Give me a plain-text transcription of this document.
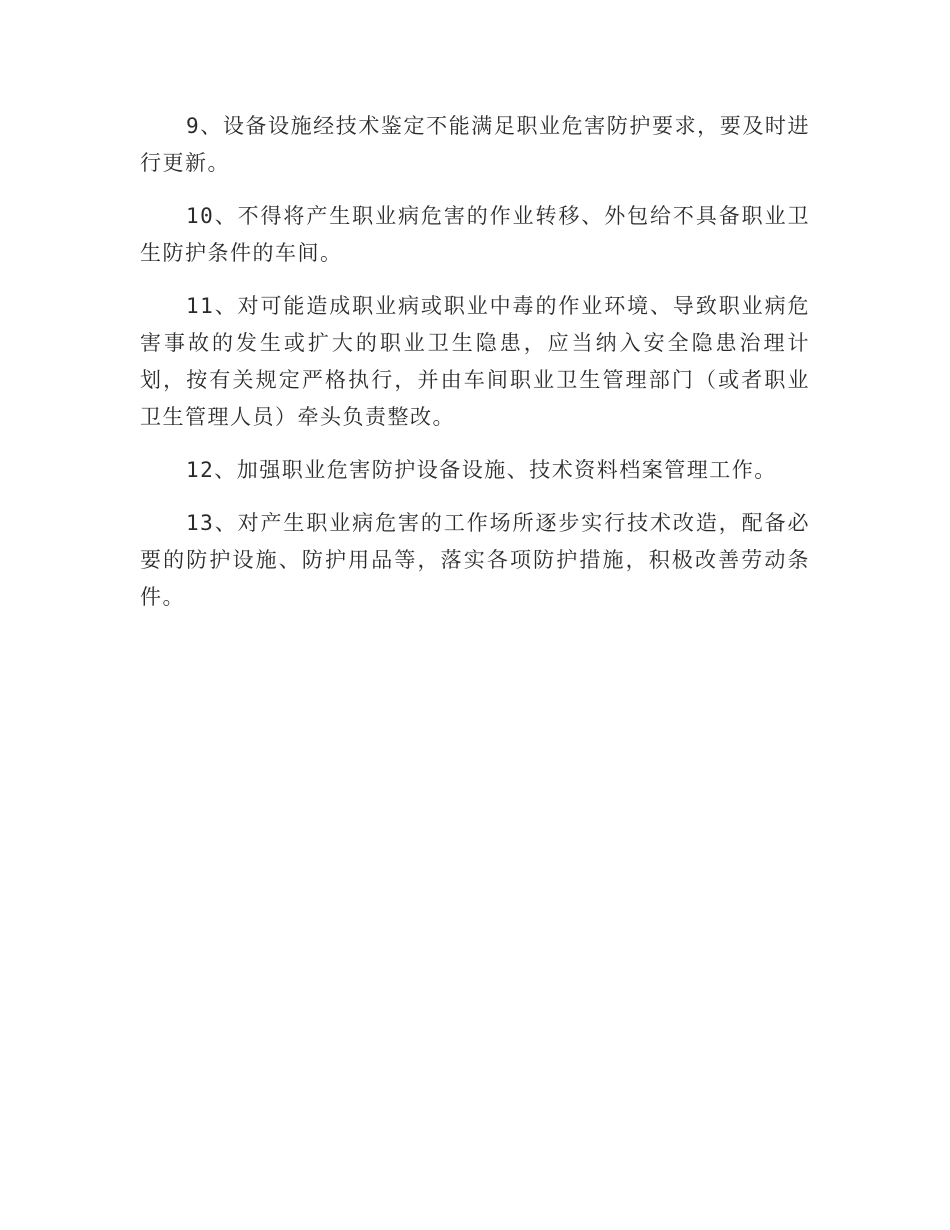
9、设备设施经技术鉴定不能满足职业危害防护要求，要及时进行更新。

10、不得将产生职业病危害的作业转移、外包给不具备职业卫生防护条件的车间。

11、对可能造成职业病或职业中毒的作业环境、导致职业病危害事故的发生或扩大的职业卫生隐患，应当纳入安全隐患治理计划，按有关规定严格执行，并由车间职业卫生管理部门（或者职业卫生管理人员）牵头负责整改。

12、加强职业危害防护设备设施、技术资料档案管理工作。

13、对产生职业病危害的工作场所逐步实行技术改造，配备必要的防护设施、防护用品等，落实各项防护措施，积极改善劳动条件。
